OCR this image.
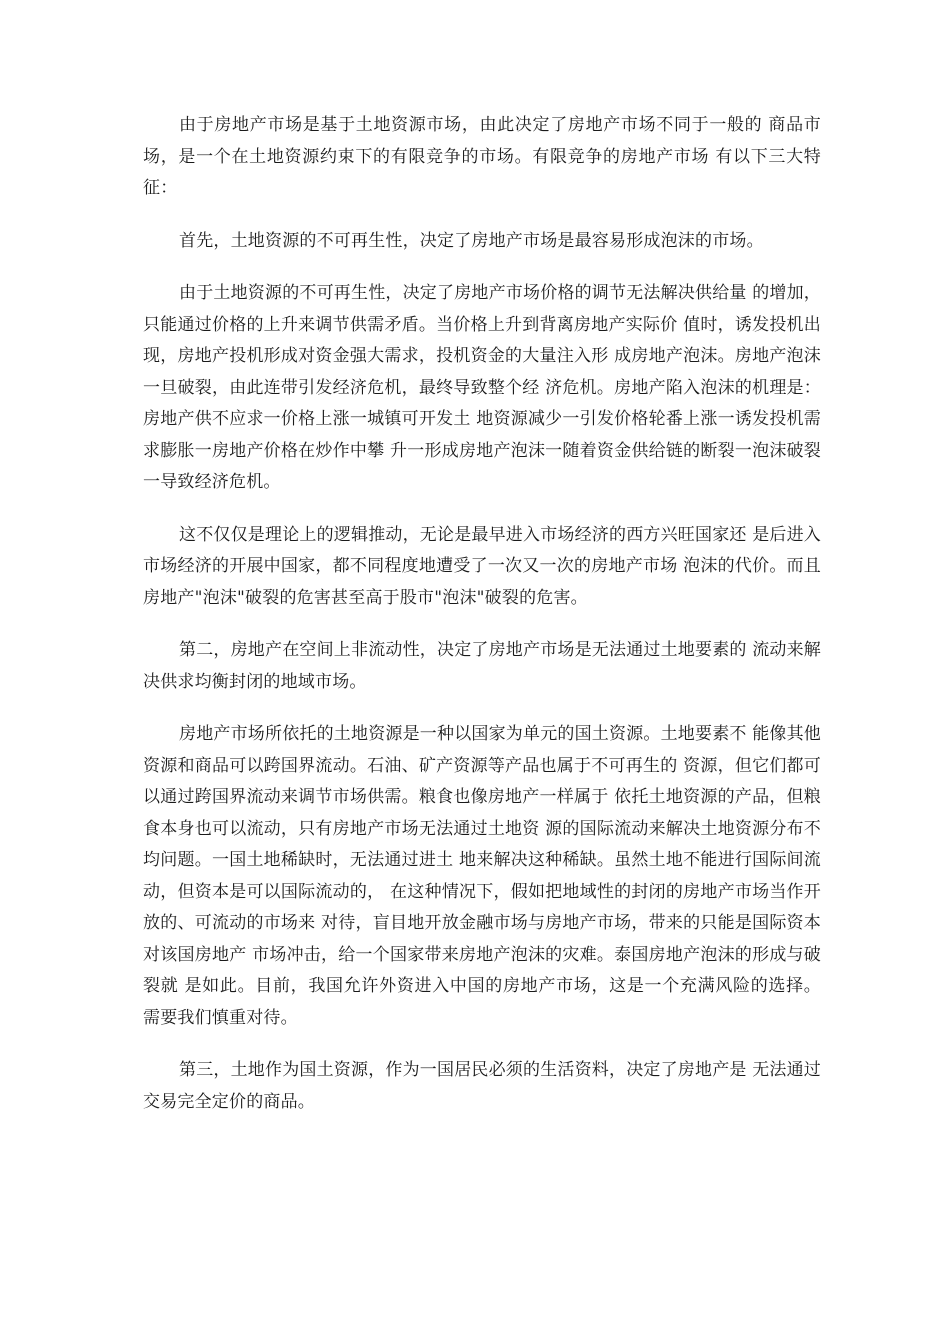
由于房地产市场是基于土地资源市场，由此决定了房地产市场不同于一般的 商品市场，是一个在土地资源约束下的有限竞争的市场。有限竞争的房地产市场 有以下三大特征：

首先，土地资源的不可再生性，决定了房地产市场是最容易形成泡沫的市场。

由于土地资源的不可再生性，决定了房地产市场价格的调节无法解决供给量 的增加，只能通过价格的上升来调节供需矛盾。当价格上升到背离房地产实际价 值时，诱发投机出现，房地产投机形成对资金强大需求，投机资金的大量注入形 成房地产泡沫。房地产泡沫一旦破裂，由此连带引发经济危机，最终导致整个经 济危机。房地产陷入泡沫的机理是：房地产供不应求一价格上涨一城镇可开发土 地资源减少一引发价格轮番上涨一诱发投机需求膨胀一房地产价格在炒作中攀 升一形成房地产泡沫一随着资金供给链的断裂一泡沫破裂一导致经济危机。

这不仅仅是理论上的逻辑推动，无论是最早进入市场经济的西方兴旺国家还 是后进入市场经济的开展中国家，都不同程度地遭受了一次又一次的房地产市场 泡沫的代价。而且房地产"泡沫"破裂的危害甚至高于股市"泡沫"破裂的危害。

第二，房地产在空间上非流动性，决定了房地产市场是无法通过土地要素的 流动来解决供求均衡封闭的地域市场。

房地产市场所依托的土地资源是一种以国家为单元的国土资源。土地要素不 能像其他资源和商品可以跨国界流动。石油、矿产资源等产品也属于不可再生的 资源，但它们都可以通过跨国界流动来调节市场供需。粮食也像房地产一样属于 依托土地资源的产品，但粮食本身也可以流动，只有房地产市场无法通过土地资 源的国际流动来解决土地资源分布不均问题。一国土地稀缺时，无法通过进土 地来解决这种稀缺。虽然土地不能进行国际间流动，但资本是可以国际流动的， 在这种情况下，假如把地域性的封闭的房地产市场当作开放的、可流动的市场来 对待，盲目地开放金融市场与房地产市场，带来的只能是国际资本对该国房地产 市场冲击，给一个国家带来房地产泡沫的灾难。泰国房地产泡沫的形成与破裂就 是如此。目前，我国允许外资进入中国的房地产市场，这是一个充满风险的选择。 需要我们慎重对待。

第三，土地作为国土资源，作为一国居民必须的生活资料，决定了房地产是 无法通过交易完全定价的商品。
